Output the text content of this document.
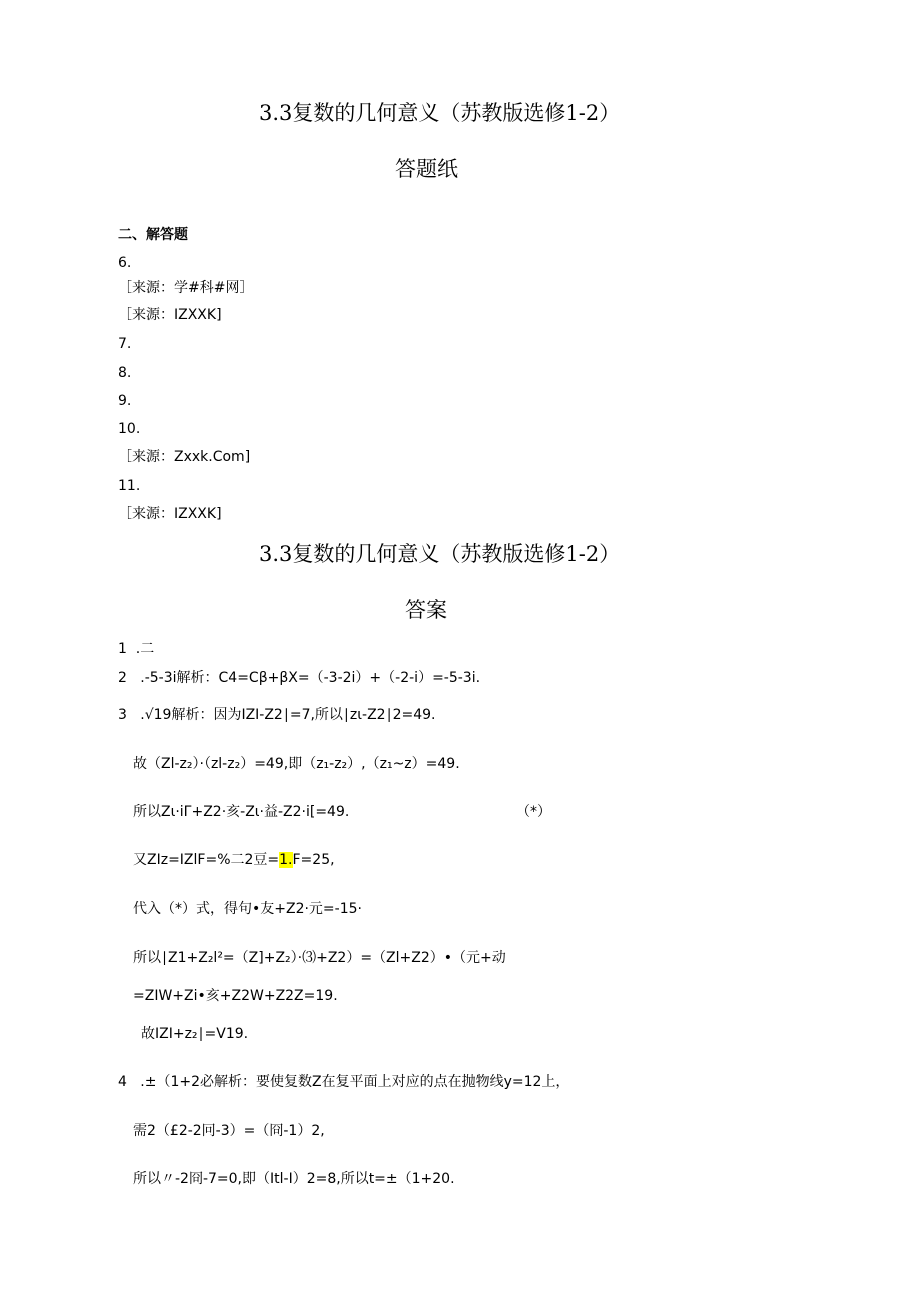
3.3复数的几何意义（苏教版选修1-2）
答题纸
二、解答题
6.
［来源：学#科#网］
［来源：IZXXK]
7.
8.
9.
10.
［来源：Zxxk.Com]
11.
［来源：IZXXK]
3.3复数的几何意义（苏教版选修1-2）
答案
1  .二
2   .-5-3i解析：C4=Cβ+βX=（-3-2i）+（-2-i）=-5-3i.
3   .√19解析：因为IZI-Z2∣=7,所以∣zι-Z2∣2=49.
故（Zl-z₂）·（zl-z₂）=49,即（z₁-z₂）,（z₁~z）=49.
所以Zι·iΓ+Z2·亥-Zι·益-Z2·i[=49.	（*）
又ZIz=IZlF=%二2豆=1.F=25,
代入（*）式，得句•友+Z2·元=-15·
所以∣Z1+Z₂l²=（Z]+Z₂）·⑶+Z2）=（Zl+Z2）•（元+动
=ZIW+Zi•亥+Z2W+Z2Z=19.
故IZI+z₂∣=V19.
4   .±（1+2必解析：要使复数Z在复平面上对应的点在抛物线y=12上，
需2（£2-2冋-3）=（冏-1）2,
所以〃-2冏-7=0,即（Itl-I）2=8,所以t=±（1+20.
